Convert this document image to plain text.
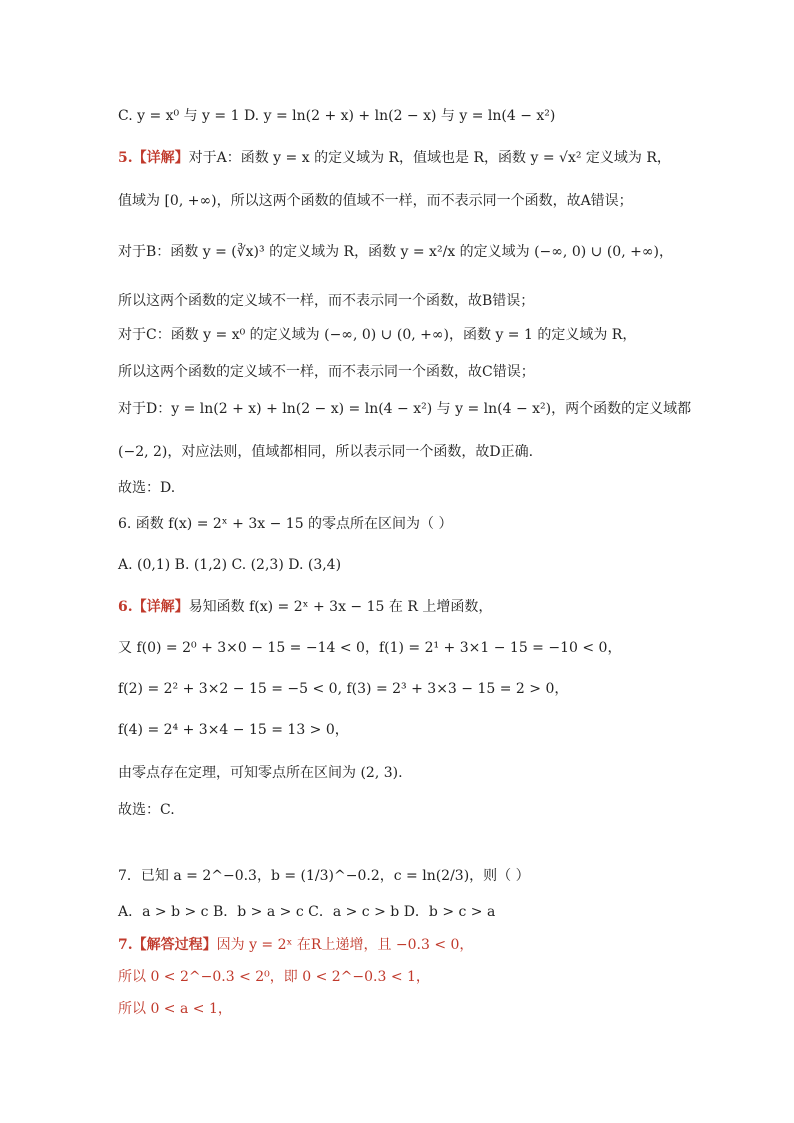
C. y = x⁰ 与 y = 1 D. y = ln(2 + x) + ln(2 − x) 与 y = ln(4 − x²)
5.【详解】对于A：函数 y = x 的定义域为 R，值域也是 R，函数 y = √x² 定义域为 R，
值域为 [0, +∞)，所以这两个函数的值域不一样，而不表示同一个函数，故A错误；
对于B：函数 y = (∛x)³ 的定义域为 R，函数 y = x²/x 的定义域为 (−∞, 0) ∪ (0, +∞)，
所以这两个函数的定义域不一样，而不表示同一个函数，故B错误；
对于C：函数 y = x⁰ 的定义域为 (−∞, 0) ∪ (0, +∞)，函数 y = 1 的定义域为 R，
所以这两个函数的定义域不一样，而不表示同一个函数，故C错误；
对于D：y = ln(2 + x) + ln(2 − x) = ln(4 − x²) 与 y = ln(4 − x²)，两个函数的定义域都
(−2, 2)，对应法则，值域都相同，所以表示同一个函数，故D正确.
故选：D.
6. 函数 f(x) = 2ˣ + 3x − 15 的零点所在区间为（ ）
A. (0,1) B. (1,2) C. (2,3) D. (3,4)
6.【详解】易知函数 f(x) = 2ˣ + 3x − 15 在 R 上增函数，
又 f(0) = 2⁰ + 3×0 − 15 = −14 < 0，f(1) = 2¹ + 3×1 − 15 = −10 < 0，
f(2) = 2² + 3×2 − 15 = −5 < 0, f(3) = 2³ + 3×3 − 15 = 2 > 0，
f(4) = 2⁴ + 3×4 − 15 = 13 > 0，
由零点存在定理，可知零点所在区间为 (2, 3).
故选：C.
7．已知 a = 2^−0.3，b = (1/3)^−0.2，c = ln(2/3)，则（ ）
A．a > b > c B．b > a > c C．a > c > b D．b > c > a
7.【解答过程】因为 y = 2ˣ 在R上递增，且 −0.3 < 0，
所以 0 < 2^−0.3 < 2⁰，即 0 < 2^−0.3 < 1，
所以 0 < a < 1，
